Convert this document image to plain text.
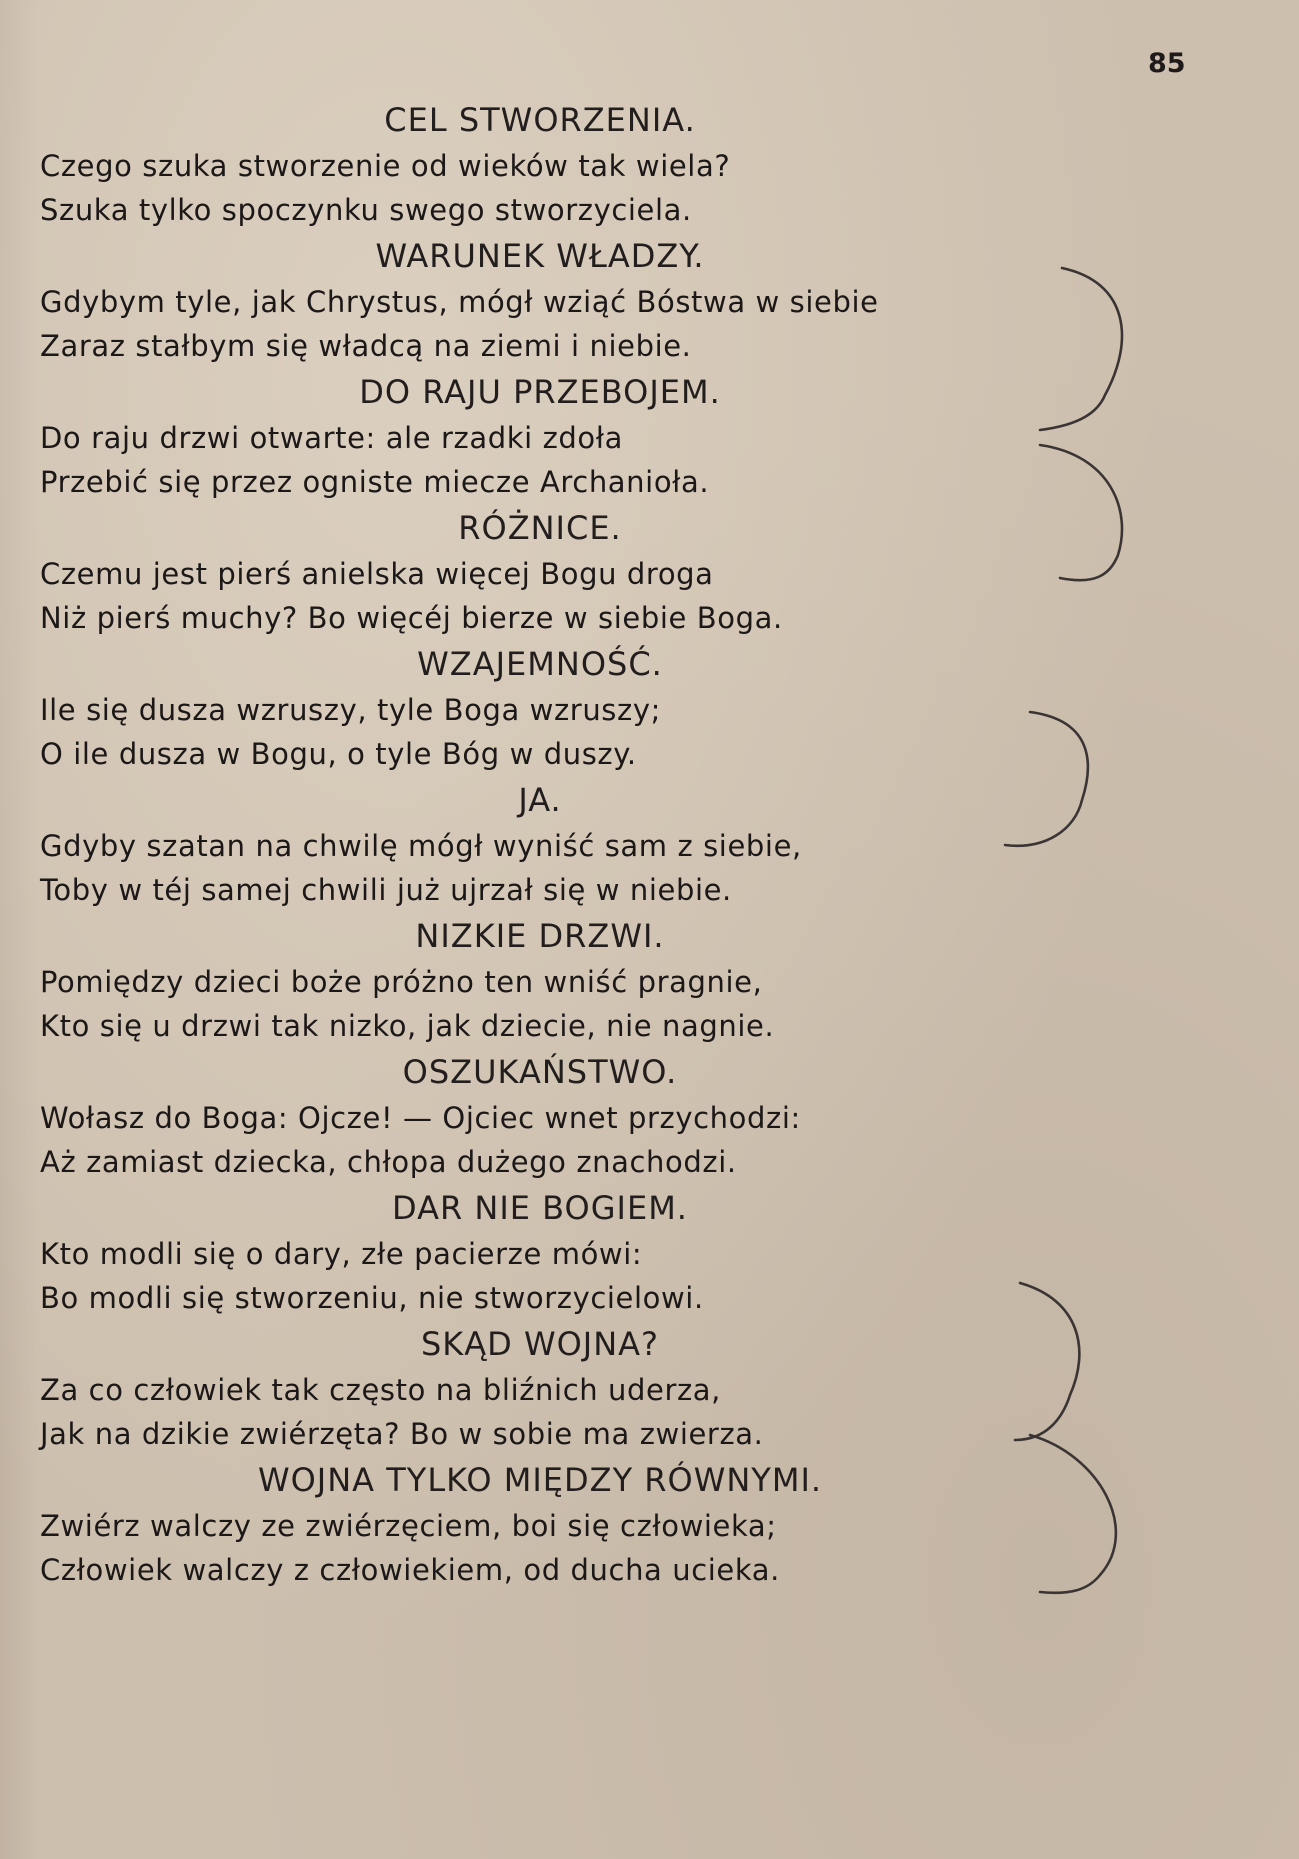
85
CEL STWORZENIA.
Czego szuka stworzenie od wieków tak wiela?
Szuka tylko spoczynku swego stworzyciela.
WARUNEK WŁADZY.
Gdybym tyle, jak Chrystus, mógł wziąć Bóstwa w siebie
Zaraz stałbym się władcą na ziemi i niebie.
DO RAJU PRZEBOJEM.
Do raju drzwi otwarte: ale rzadki zdoła
Przebić się przez ogniste miecze Archanioła.
RÓŻNICE.
Czemu jest pierś anielska więcej Bogu droga
Niż pierś muchy? Bo więcéj bierze w siebie Boga.
WZAJEMNOŚĆ.
Ile się dusza wzruszy, tyle Boga wzruszy;
O ile dusza w Bogu, o tyle Bóg w duszy.
JA.
Gdyby szatan na chwilę mógł wyniść sam z siebie,
Toby w téj samej chwili już ujrzał się w niebie.
NIZKIE DRZWI.
Pomiędzy dzieci boże próżno ten wniść pragnie,
Kto się u drzwi tak nizko, jak dziecie, nie nagnie.
OSZUKAŃSTWO.
Wołasz do Boga: Ojcze! — Ojciec wnet przychodzi:
Aż zamiast dziecka, chłopa dużego znachodzi.
DAR NIE BOGIEM.
Kto modli się o dary, złe pacierze mówi:
Bo modli się stworzeniu, nie stworzycielowi.
SKĄD WOJNA?
Za co człowiek tak często na bliźnich uderza,
Jak na dzikie zwiérzęta? Bo w sobie ma zwierza.
WOJNA TYLKO MIĘDZY RÓWNYMI.
Zwiérz walczy ze zwiérzęciem, boi się człowieka;
Człowiek walczy z człowiekiem, od ducha ucieka.
